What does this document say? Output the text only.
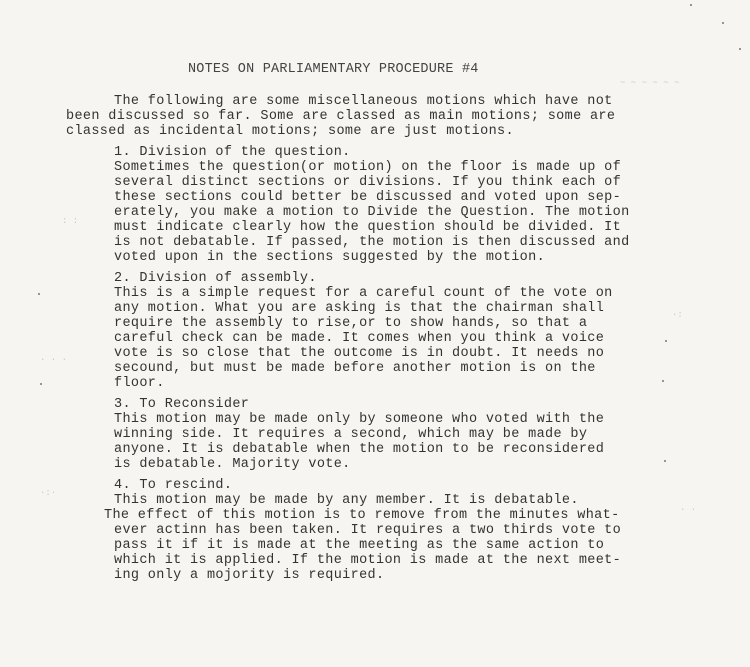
NOTES ON PARLIAMENTARY PROCEDURE #4
The following are some miscellaneous motions which have not
been discussed so far. Some are classed as main motions; some are
classed as incidental motions; some are just motions.
1. Division of the question.
Sometimes the question(or motion) on the floor is made up of
several distinct sections or divisions. If you think each of
these sections could better be discussed and voted upon sep-
erately, you make a motion to Divide the Question. The motion
must indicate clearly how the question should be divided. It
is not debatable. If passed, the motion is then discussed and
voted upon in the sections suggested by the motion.
2. Division of assembly.
This is a simple request for a careful count of the vote on
any motion. What you are asking is that the chairman shall
require the assembly to rise,or to show hands, so that a
careful check can be made. It comes when you think a voice
vote is so close that the outcome is in doubt. It needs no
secound, but must be made before another motion is on the
floor.
3. To Reconsider
This motion may be made only by someone who voted with the
winning side. It requires a second, which may be made by
anyone. It is debatable when the motion to be reconsidered
is debatable. Majority vote.
4. To rescind.
This motion may be made by any member. It is debatable.
The effect of this motion is to remove from the minutes what-
ever actinn has been taken. It requires a two thirds vote to
pass it if it is made at the meeting as the same action to
which it is applied. If the motion is made at the next meet-
ing only a mojority is required.
~ ~ ~ ~ ~ ~
: :
·:
· · ·
·:·
· ·
